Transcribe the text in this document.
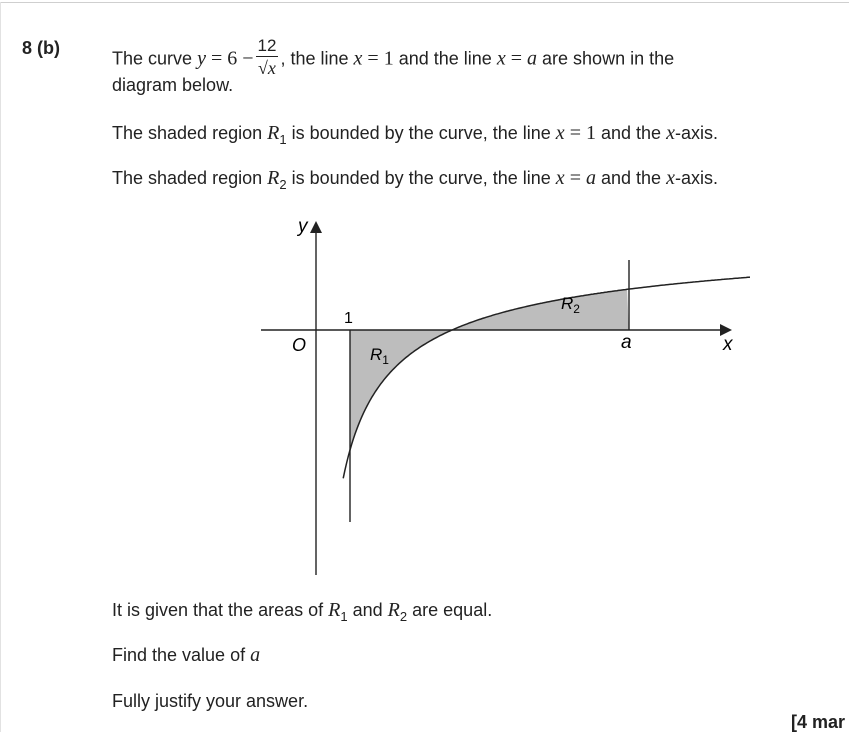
8 (b)
The curve $y = 6 - \frac{12}{√x}$ , the line x = 1 and the line x = a are shown in the
diagram below.
The shaded region $R_1$ is bounded by the curve, the line x = 1 and the x-axis.
The shaded region $R_2$ is bounded by the curve, the line x = a and the x-axis.
y
x
O
1
a
$R_1$
$R_2$
It is given that the areas of $R_1$ and $R_2$ are equal.
Find the value of a
Fully justify your answer.
[4 mar
